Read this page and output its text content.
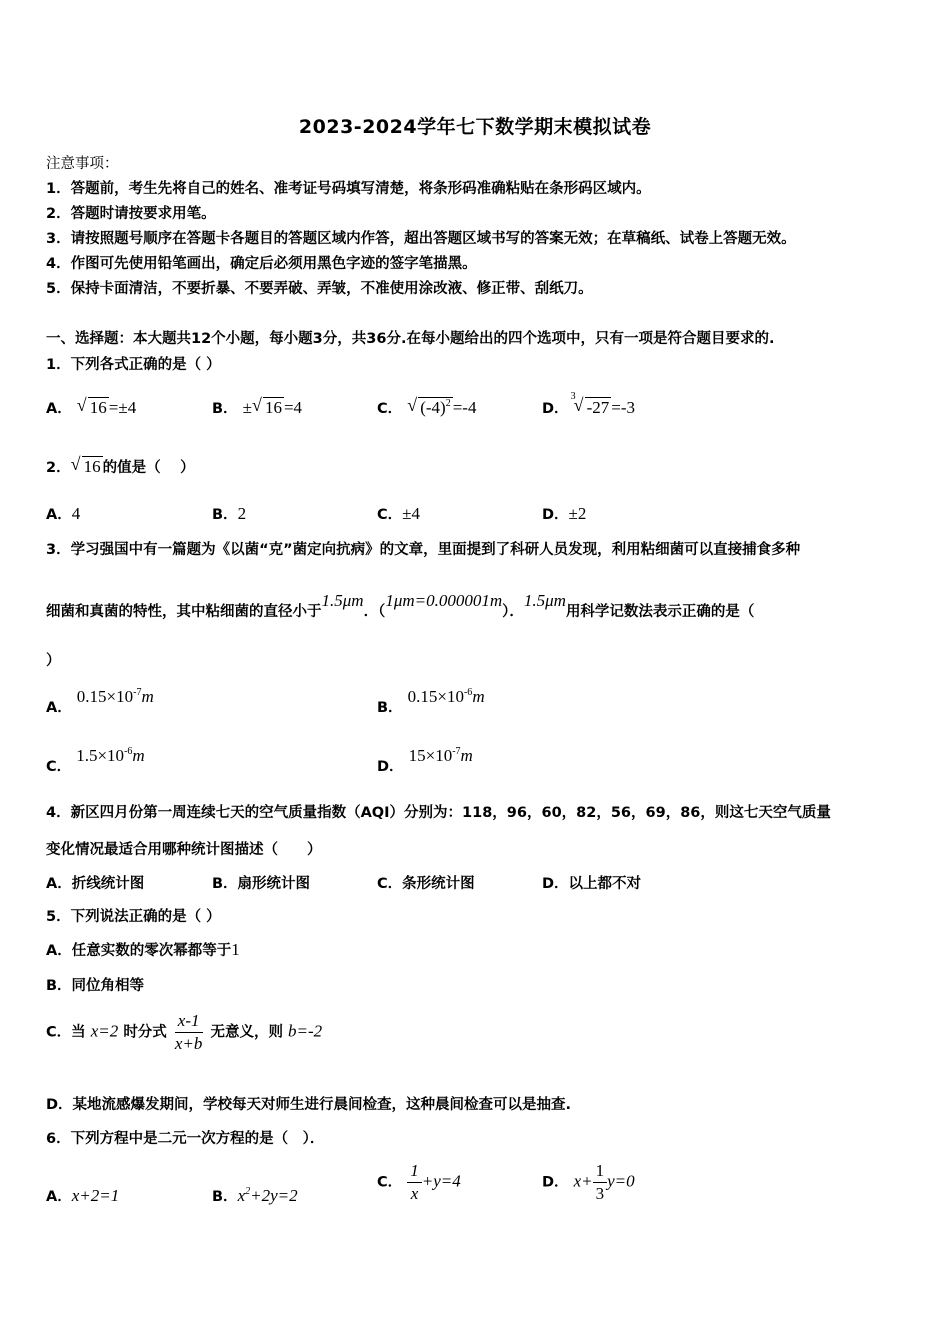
2023-2024学年七下数学期末模拟试卷
注意事项：
1．答题前，考生先将自己的姓名、准考证号码填写清楚，将条形码准确粘贴在条形码区域内。
2．答题时请按要求用笔。
3．请按照题号顺序在答题卡各题目的答题区域内作答，超出答题区域书写的答案无效；在草稿纸、试卷上答题无效。
4．作图可先使用铅笔画出，确定后必须用黑色字迹的签字笔描黑。
5．保持卡面清洁，不要折暴、不要弄破、弄皱，不准使用涂改液、修正带、刮纸刀。
一、选择题：本大题共12个小题，每小题3分，共36分.在每小题给出的四个选项中，只有一项是符合题目要求的.
1．下列各式正确的是（ ）
A． √ 16 =±4	B． ± √ 16 =4	C． √ $(-4)^2 =-4$	D．
3
√ -27 =-3
2． √ 16 的值是（　 ）
A．4	B．2	C．±4	D．±2
3．学习强国中有一篇题为《以菌“克”菌定向抗病》的文章，里面提到了科研人员发现，利用粘细菌可以直接捕食多种
细菌和真菌的特性，其中粘细菌的直径小于1.5μm．（1μm=0.000001m）．1.5μm用科学记数法表示正确的是（
）
A． $0.15\times 10^{-7}m$
B． $0.15\times 10^{-6}m$
C． $1.5\times 10^{-6}m$
D． $15\times 10^{-7}m$
4．新区四月份第一周连续七天的空气质量指数（AQI）分别为：118，96，60，82，56，69，86，则这七天空气质量
变化情况最适合用哪种统计图描述（　　）
A．折线统计图	B．扇形统计图	C．条形统计图	D．以上都不对
5．下列说法正确的是（ ）
A．任意实数的零次幂都等于1
B．同位角相等
C．当 x=2 时分式 $\frac{x-1}{x+b}$ 无意义，则 b=-2
D．某地流感爆发期间，学校每天对师生进行晨间检查，这种晨间检查可以是抽查.
6．下列方程中是二元一次方程的是（　）．
A．x+2=1	B．$x^2+2y=2$
C． $\frac{1}{x} +y=4$	D． $x+ \frac{1}{3} y=0$
